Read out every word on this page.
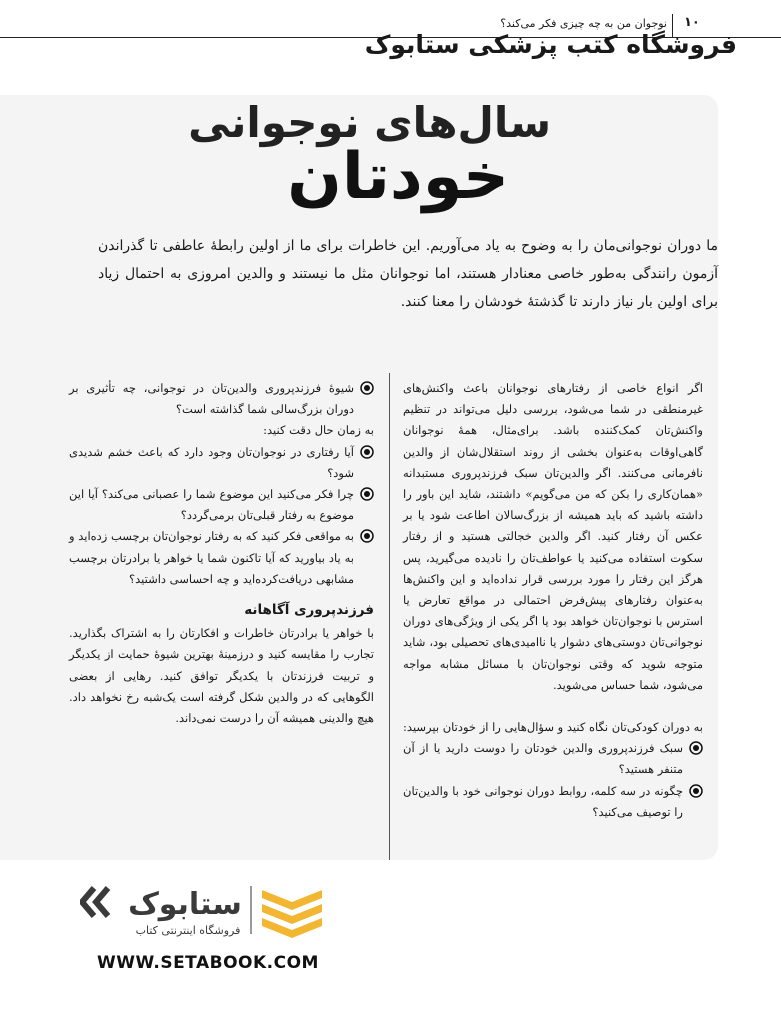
۱۰
نوجوان من به چه چیزی فکر می‌کند؟
فروشگاه کتب پزشکی ستابوک
سال‌های نوجوانی
خودتان
ما دوران نوجوانی‌مان را به وضوح به یاد می‌آوریم. این خاطرات برای ما از اولین رابطهٔ عاطفی تا گذراندن آزمون رانندگی به‌طور خاصی معنادار هستند، اما نوجوانان مثل ما نیستند و والدین امروزی به احتمال زیاد برای اولین بار نیاز دارند تا گذشتهٔ خودشان را معنا کنند.

اگر انواع خاصی از رفتارهای نوجوانان باعث واکنش‌های غیرمنطقی در شما می‌شود، بررسی دلیل می‌تواند در تنظیم واکنش‌تان کمک‌کننده باشد. برای‌مثال، همهٔ نوجوانان گاهی‌اوقات به‌عنوان بخشی از روند استقلال‌شان از والدین نافرمانی می‌کنند. اگر والدین‌تان سبک فرزندپروری مستبدانه «همان‌کاری را بکن که من می‌گویم» داشتند، شاید این باور را داشته باشید که باید همیشه از بزرگ‌سالان اطاعت شود یا بر عکس آن رفتار کنید. اگر والدین خجالتی هستید و از رفتار سکوت استفاده می‌کنید یا عواطف‌تان را نادیده می‌گیرید، پس هرگز این رفتار را مورد بررسی قرار نداده‌اید و این واکنش‌ها به‌عنوان رفتارهای پیش‌فرض احتمالی در مواقع تعارض یا استرس با نوجوان‌تان خواهد بود یا اگر یکی از ویژگی‌های دوران نوجوانی‌تان دوستی‌های دشوار یا ناامیدی‌های تحصیلی بود، شاید متوجه شوید که وقتی نوجوان‌تان با مسائل مشابه مواجه می‌شود، شما حساس می‌شوید.

به دوران کودکی‌تان نگاه کنید و سؤال‌هایی را از خودتان بپرسید:

سبک فرزندپروری والدین خودتان را دوست دارید یا از آن متنفر هستید؟

چگونه در سه کلمه، روابط دوران نوجوانی خود با والدین‌تان را توصیف می‌کنید؟

شیوهٔ فرزندپروری والدین‌تان در نوجوانی، چه تأثیری بر دوران بزرگ‌سالی شما گذاشته است؟

به زمان حال دقت کنید:

آیا رفتاری در نوجوان‌تان وجود دارد که باعث خشم شدیدی شود؟

چرا فکر می‌کنید این موضوع شما را عصبانی می‌کند؟ آیا این موضوع به رفتار قبلی‌تان برمی‌گردد؟

به مواقعی فکر کنید که به رفتار نوجوان‌تان برچسب زده‌اید و به یاد بیاورید که آیا تاکنون شما یا خواهر یا برادرتان برچسب مشابهی دریافت‌کرده‌اید و چه احساسی داشتید؟

فرزندپروری آگاهانه

با خواهر یا برادرتان خاطرات و افکارتان را به اشتراک بگذارید. تجارب را مقایسه کنید و درزمینهٔ بهترین شیوهٔ حمایت از یکدیگر و تربیت فرزندتان با یکدیگر توافق کنید. رهایی از بعضی الگوهایی که در والدین شکل گرفته است یک‌شبه رخ نخواهد داد. هیچ والدینی همیشه آن را درست نمی‌داند.

ستابوک
فروشگاه اینترنتی کتاب
WWW.SETABOOK.COM
